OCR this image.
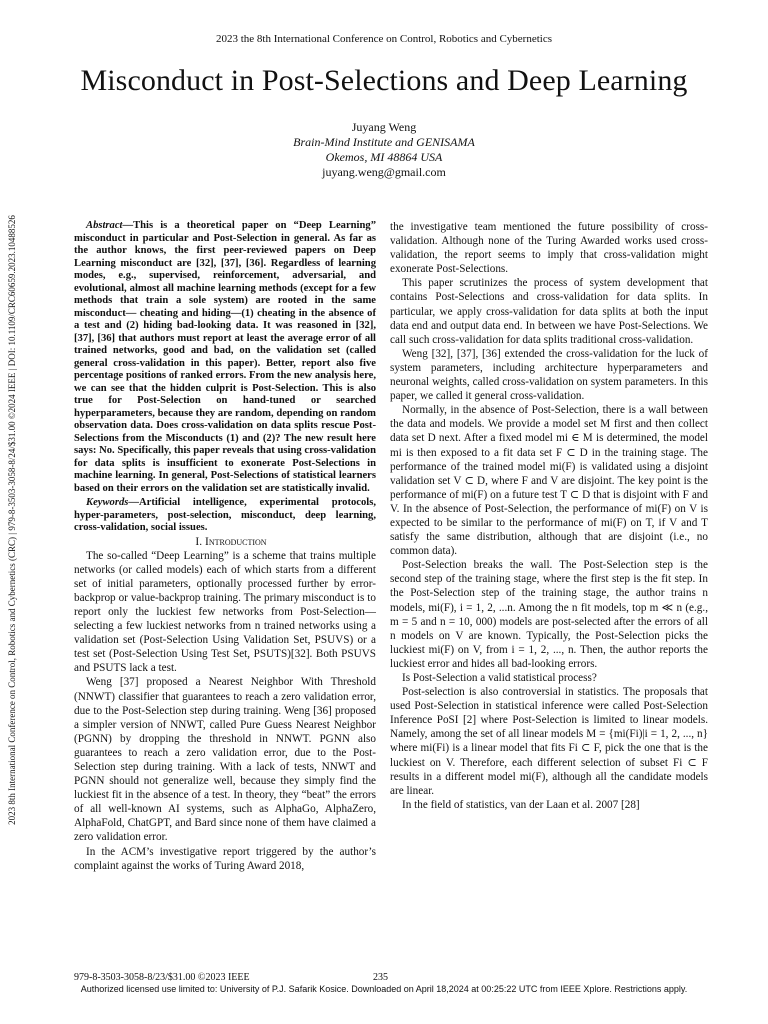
2023 the 8th International Conference on Control, Robotics and Cybernetics
Misconduct in Post-Selections and Deep Learning
Juyang Weng
Brain-Mind Institute and GENISAMA
Okemos, MI 48864 USA
juyang.weng@gmail.com
2023 8th International Conference on Control, Robotics and Cybernetics (CRC) | 979-8-3503-3058-8/24/$31.00 ©2024 IEEE | DOI: 10.1109/CRC60659.2023.10488526	Abstract—This is a theoretical paper on “Deep Learning” misconduct in particular and Post-Selection in general. As far as the author knows, the first peer-reviewed papers on Deep Learning misconduct are [32], [37], [36]. Regardless of learning modes, e.g., supervised, reinforcement, adversarial, and evolutional, almost all machine learning methods (except for a few methods that train a sole system) are rooted in the same misconduct— cheating and hiding—(1) cheating in the absence of a test and (2) hiding bad-looking data. It was reasoned in [32], [37], [36] that authors must report at least the average error of all trained networks, good and bad, on the validation set (called general cross-validation in this paper). Better, report also five percentage positions of ranked errors. From the new analysis here, we can see that the hidden culprit is Post-Selection. This is also true for Post-Selection on hand-tuned or searched hyperparameters, because they are random, depending on random observation data. Does cross-validation on data splits rescue Post-Selections from the Misconducts (1) and (2)? The new result here says: No. Specifically, this paper reveals that using cross-validation for data splits is insufficient to exonerate Post-Selections in machine learning. In general, Post-Selections of statistical learners based on their errors on the validation set are statistically invalid.

Keywords—Artificial intelligence, experimental protocols, hyper-parameters, post-selection, misconduct, deep learning, cross-validation, social issues.

I. Introduction

The so-called “Deep Learning” is a scheme that trains multiple networks (or called models) each of which starts from a different set of initial parameters, optionally processed further by error-backprop or value-backprop training. The primary misconduct is to report only the luckiest few networks from Post-Selection—selecting a few luckiest networks from n trained networks using a validation set (Post-Selection Using Validation Set, PSUVS) or a test set (Post-Selection Using Test Set, PSUTS)[32]. Both PSUVS and PSUTS lack a test.

Weng [37] proposed a Nearest Neighbor With Threshold (NNWT) classifier that guarantees to reach a zero validation error, due to the Post-Selection step during training. Weng [36] proposed a simpler version of NNWT, called Pure Guess Nearest Neighbor (PGNN) by dropping the threshold in NNWT. PGNN also guarantees to reach a zero validation error, due to the Post-Selection step during training. With a lack of tests, NNWT and PGNN should not generalize well, because they simply find the luckiest fit in the absence of a test. In theory, they “beat” the errors of all well-known AI systems, such as AlphaGo, AlphaZero, AlphaFold, ChatGPT, and Bard since none of them have claimed a zero validation error.

In the ACM’s investigative report triggered by the author’s complaint against the works of Turing Award 2018,

the investigative team mentioned the future possibility of cross-validation. Although none of the Turing Awarded works used cross-validation, the report seems to imply that cross-validation might exonerate Post-Selections.

This paper scrutinizes the process of system development that contains Post-Selections and cross-validation for data splits. In particular, we apply cross-validation for data splits at both the input data end and output data end. In between we have Post-Selections. We call such cross-validation for data splits traditional cross-validation.

Weng [32], [37], [36] extended the cross-validation for the luck of system parameters, including architecture hyperparameters and neuronal weights, called cross-validation on system parameters. In this paper, we called it general cross-validation.

Normally, in the absence of Post-Selection, there is a wall between the data and models. We provide a model set M first and then collect data set D next. After a fixed model mi ∈ M is determined, the model mi is then exposed to a fit data set F ⊂ D in the training stage. The performance of the trained model mi(F) is validated using a disjoint validation set V ⊂ D, where F and V are disjoint. The key point is the performance of mi(F) on a future test T ⊂ D that is disjoint with F and V. In the absence of Post-Selection, the performance of mi(F) on V is expected to be similar to the performance of mi(F) on T, if V and T satisfy the same distribution, although that are disjoint (i.e., no common data).

Post-Selection breaks the wall. The Post-Selection step is the second step of the training stage, where the first step is the fit step. In the Post-Selection step of the training stage, the author trains n models, mi(F), i = 1, 2, ...n. Among the n fit models, top m ≪ n (e.g., m = 5 and n = 10, 000) models are post-selected after the errors of all n models on V are known. Typically, the Post-Selection picks the luckiest mi(F) on V, from i = 1, 2, ..., n. Then, the author reports the luckiest error and hides all bad-looking errors.

Is Post-Selection a valid statistical process?

Post-selection is also controversial in statistics. The proposals that used Post-Selection in statistical inference were called Post-Selection Inference PoSI [2] where Post-Selection is limited to linear models. Namely, among the set of all linear models M = {mi(Fi)|i = 1, 2, ..., n} where mi(Fi) is a linear model that fits Fi ⊂ F, pick the one that is the luckiest on V. Therefore, each different selection of subset Fi ⊂ F results in a different model mi(F), although all the candidate models are linear.

In the field of statistics, van der Laan et al. 2007 [28]

979-8-3503-3058-8/23/$31.00 ©2023 IEEE	235
Authorized licensed use limited to: University of P.J. Safarik Kosice. Downloaded on April 18,2024 at 00:25:22 UTC from IEEE Xplore. Restrictions apply.
